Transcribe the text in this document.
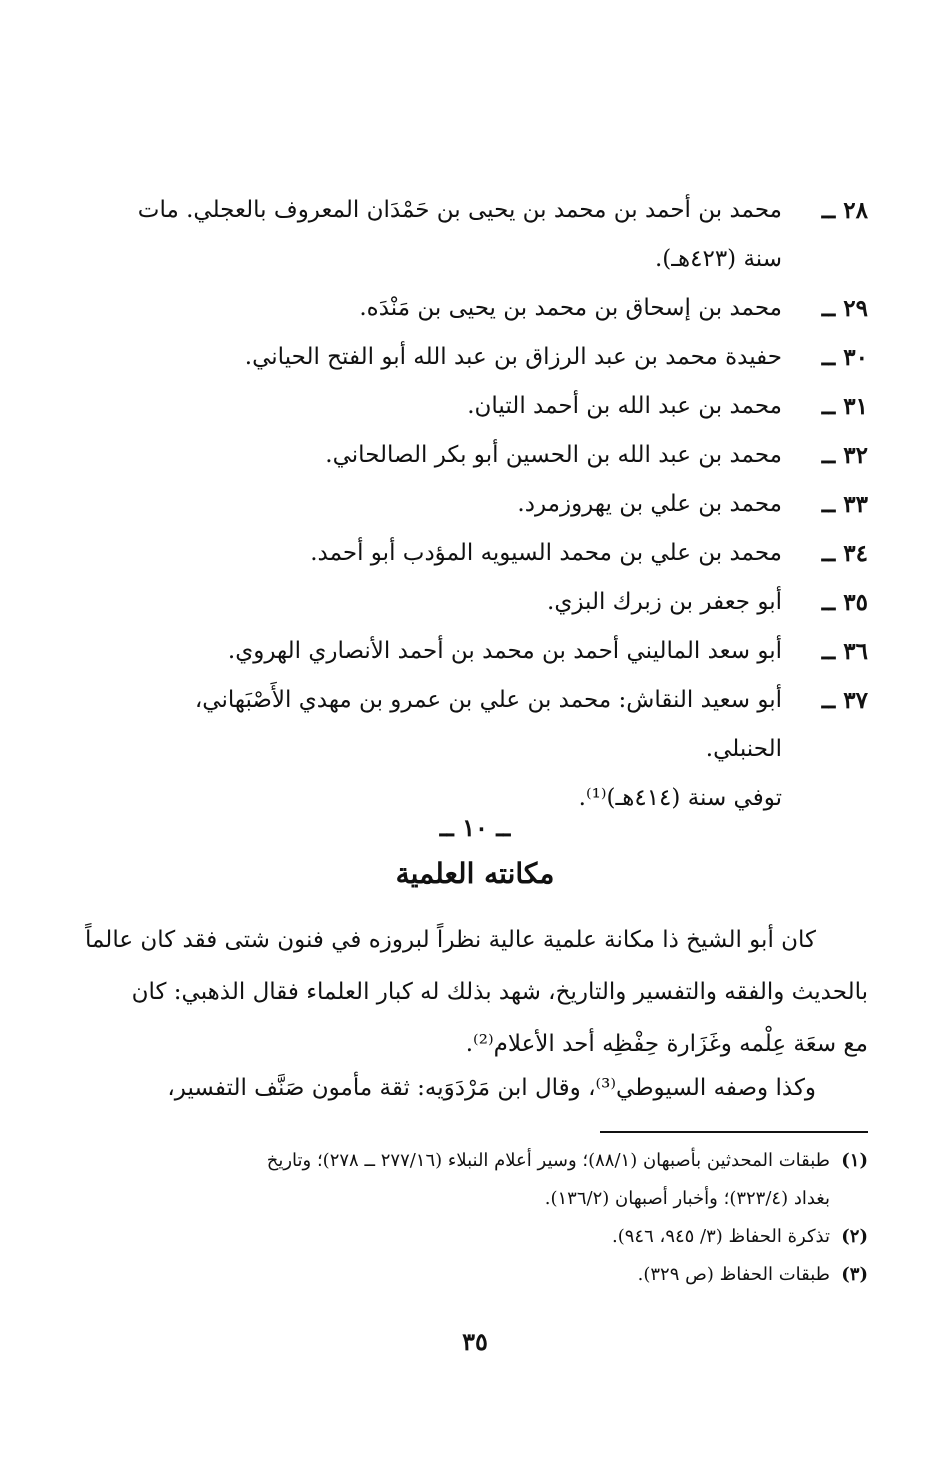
٢٨ ــ
محمد بن أحمد بن محمد بن يحيى بن حَمْدَان المعروف بالعجلي. مات
سنة (٤٢٣هـ).
٢٩ ــ
محمد بن إسحاق بن محمد بن يحيى بن مَنْدَه.
٣٠ ــ
حفيدة محمد بن عبد الرزاق بن عبد الله أبو الفتح الحياني.
٣١ ــ
محمد بن عبد الله بن أحمد التيان.
٣٢ ــ
محمد بن عبد الله بن الحسين أبو بكر الصالحاني.
٣٣ ــ
محمد بن علي بن يهروزمرد.
٣٤ ــ
محمد بن علي بن محمد السيويه المؤدب أبو أحمد.
٣٥ ــ
أبو جعفر بن زبرك البزي.
٣٦ ــ
أبو سعد الماليني أحمد بن محمد بن أحمد الأنصاري الهروي.
٣٧ ــ
أبو سعيد النقاش: محمد بن علي بن عمرو بن مهدي الأَصْبَهاني، الحنبلي.
توفي سنة (٤١٤هـ)⁽¹⁾.
ــ ١٠ ــ
مكانته العلمية
كان أبو الشيخ ذا مكانة علمية عالية نظراً لبروزه في فنون شتى فقد كان عالماً
بالحديث والفقه والتفسير والتاريخ، شهد بذلك له كبار العلماء فقال الذهبي: كان
مع سعَة عِلْمه وغَزَارة حِفْظِه أحد الأعلام⁽²⁾.
وكذا وصفه السيوطي⁽³⁾، وقال ابن مَرْدَوَيه: ثقة مأمون صَنَّف التفسير،
(١)
طبقات المحدثين بأصبهان (٨٨/١)؛ وسير أعلام النبلاء (٢٧٧/١٦ ــ ٢٧٨)؛ وتاريخ
بغداد (٣٢٣/٤)؛ وأخبار أصبهان (١٣٦/٢).
(٢)
تذكرة الحفاظ (٣/ ٩٤٥، ٩٤٦).
(٣)
طبقات الحفاظ (ص ٣٢٩).
٣٥
